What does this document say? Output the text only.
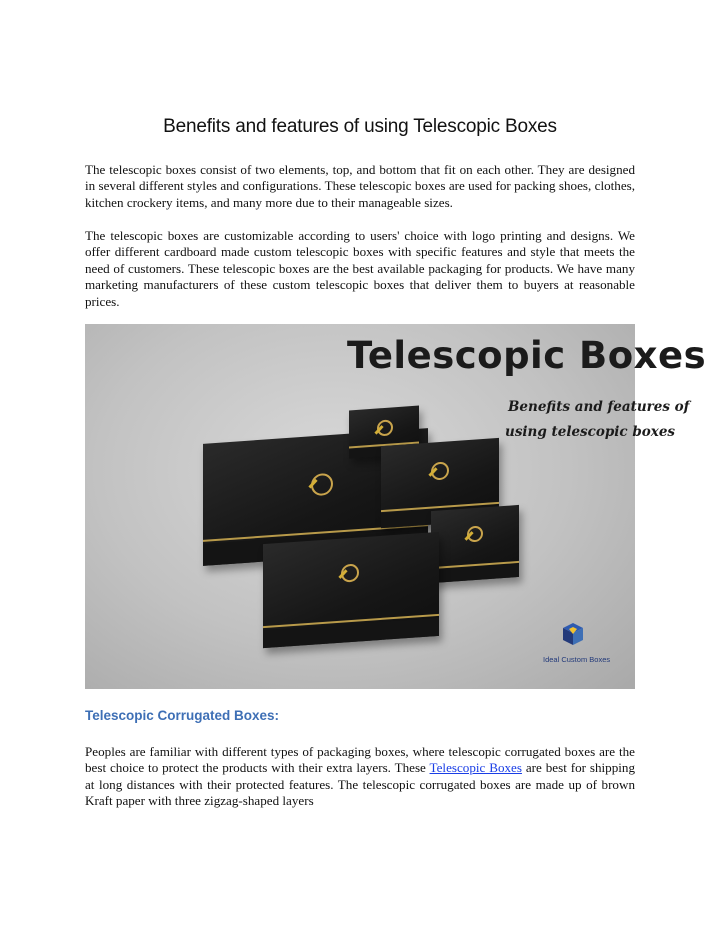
Benefits and features of using Telescopic Boxes

The telescopic boxes consist of two elements, top, and bottom that fit on each other. They are designed in several different styles and configurations. These telescopic boxes are used for packing shoes, clothes, kitchen crockery items, and many more due to their manageable sizes.

The telescopic boxes are customizable according to users' choice with logo printing and designs. We offer different cardboard made custom telescopic boxes with specific features and style that meets the need of customers. These telescopic boxes are the best available packaging for products. We have many marketing manufacturers of these custom telescopic boxes that deliver them to buyers at reasonable prices.

Telescopic Boxes
Benefits and features of
using telescopic boxes
Ideal Custom Boxes
Telescopic Corrugated Boxes:

Peoples are familiar with different types of packaging boxes, where telescopic corrugated boxes are the best choice to protect the products with their extra layers. These Telescopic Boxes are best for shipping at long distances with their protected features. The telescopic corrugated boxes are made up of brown Kraft paper with three zigzag-shaped layers
